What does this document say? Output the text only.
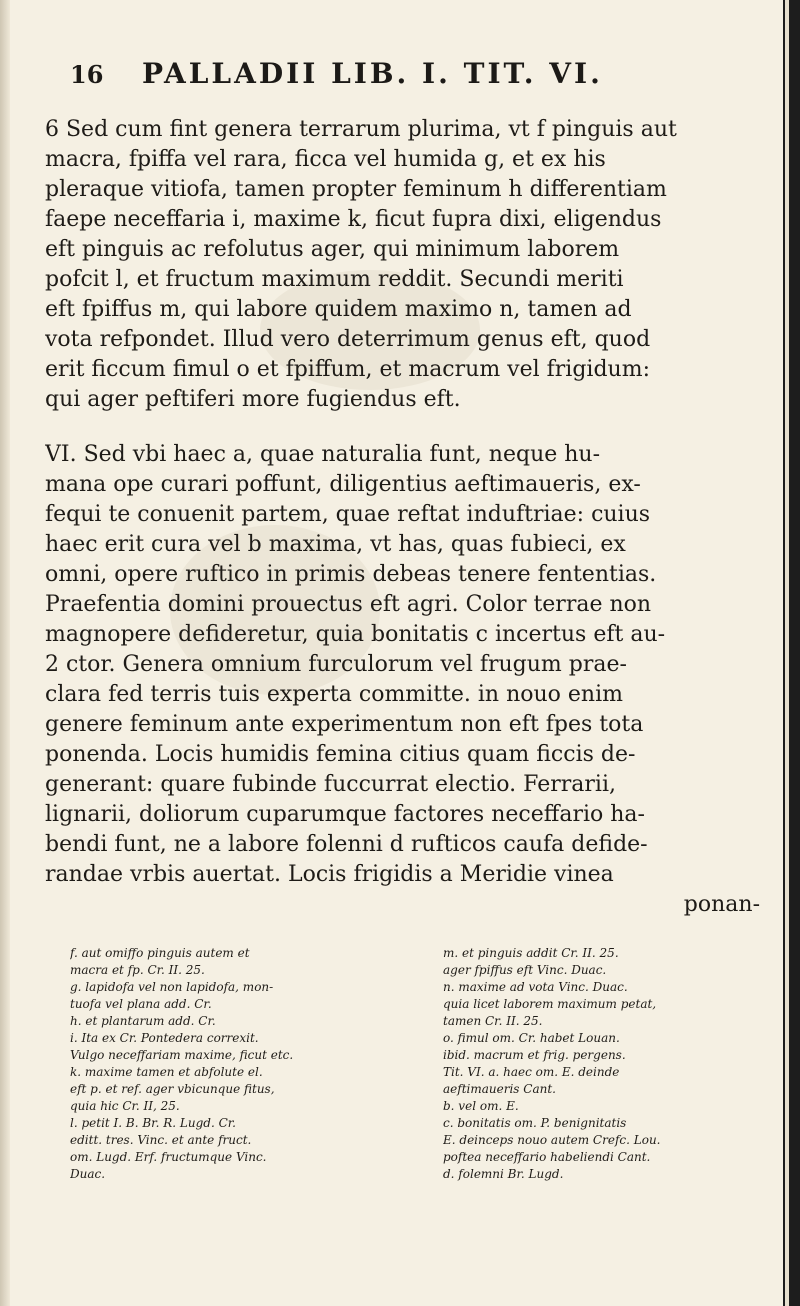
16 PALLADII LIB. I. TIT. VI.
6 Sed cum fint genera terrarum plurima, vt f pinguis aut
macra, fpiffa vel rara, ficca vel humida g, et ex his
pleraque vitiofa, tamen propter feminum h differentiam
faepe neceffaria i, maxime k, ficut fupra dixi, eligendus
eft pinguis ac refolutus ager, qui minimum laborem
pofcit l, et fructum maximum reddit. Secundi meriti
eft fpiffus m, qui labore quidem maximo n, tamen ad
vota refpondet. Illud vero deterrimum genus eft, quod
erit ficcum fimul o et fpiffum, et macrum vel frigidum:
qui ager peftiferi more fugiendus eft.
VI. Sed vbi haec a, quae naturalia funt, neque hu-
mana ope curari poffunt, diligentius aeftimaueris, ex-
fequi te conuenit partem, quae reftat induftriae: cuius
haec erit cura vel b maxima, vt has, quas fubieci, ex
omni, opere ruftico in primis debeas tenere fententias.
Praefentia domini prouectus eft agri. Color terrae non
magnopere defideretur, quia bonitatis c incertus eft au-
2 ctor. Genera omnium furculorum vel frugum prae-
clara fed terris tuis experta committe. in nouo enim
genere feminum ante experimentum non eft fpes tota
ponenda. Locis humidis femina citius quam ficcis de-
generant: quare fubinde fuccurrat electio. Ferrarii,
lignarii, doliorum cuparumque factores neceffario ha-
bendi funt, ne a labore folenni d rufticos caufa defide-
randae vrbis auertat. Locis frigidis a Meridie vinea
ponan-
f. aut omiffo pinguis autem et
macra et fp. Cr. II. 25.
g. lapidofa vel non lapidofa, mon-
tuofa vel plana add. Cr.
h. et plantarum add. Cr.
i. Ita ex Cr. Pontedera correxit.
Vulgo neceffariam maxime, ficut etc.
k. maxime tamen et abfolute el.
eft p. et ref. ager vbicunque fitus,
quia hic Cr. II, 25.
l. petit I. B. Br. R. Lugd. Cr.
editt. tres. Vinc. et ante fruct.
om. Lugd. Erf. fructumque Vinc.
Duac.
m. et pinguis addit Cr. II. 25.
ager fpiffus eft Vinc. Duac.
n. maxime ad vota Vinc. Duac.
quia licet laborem maximum petat,
tamen Cr. II. 25.
o. fimul om. Cr. habet Louan.
ibid. macrum et frig. pergens.
Tit. VI. a. haec om. E. deinde
aeftimaueris Cant.
b. vel om. E.
c. bonitatis om. P. benignitatis
E. deinceps nouo autem Crefc. Lou.
poftea neceffario habeliendi Cant.
d. folemni Br. Lugd.
